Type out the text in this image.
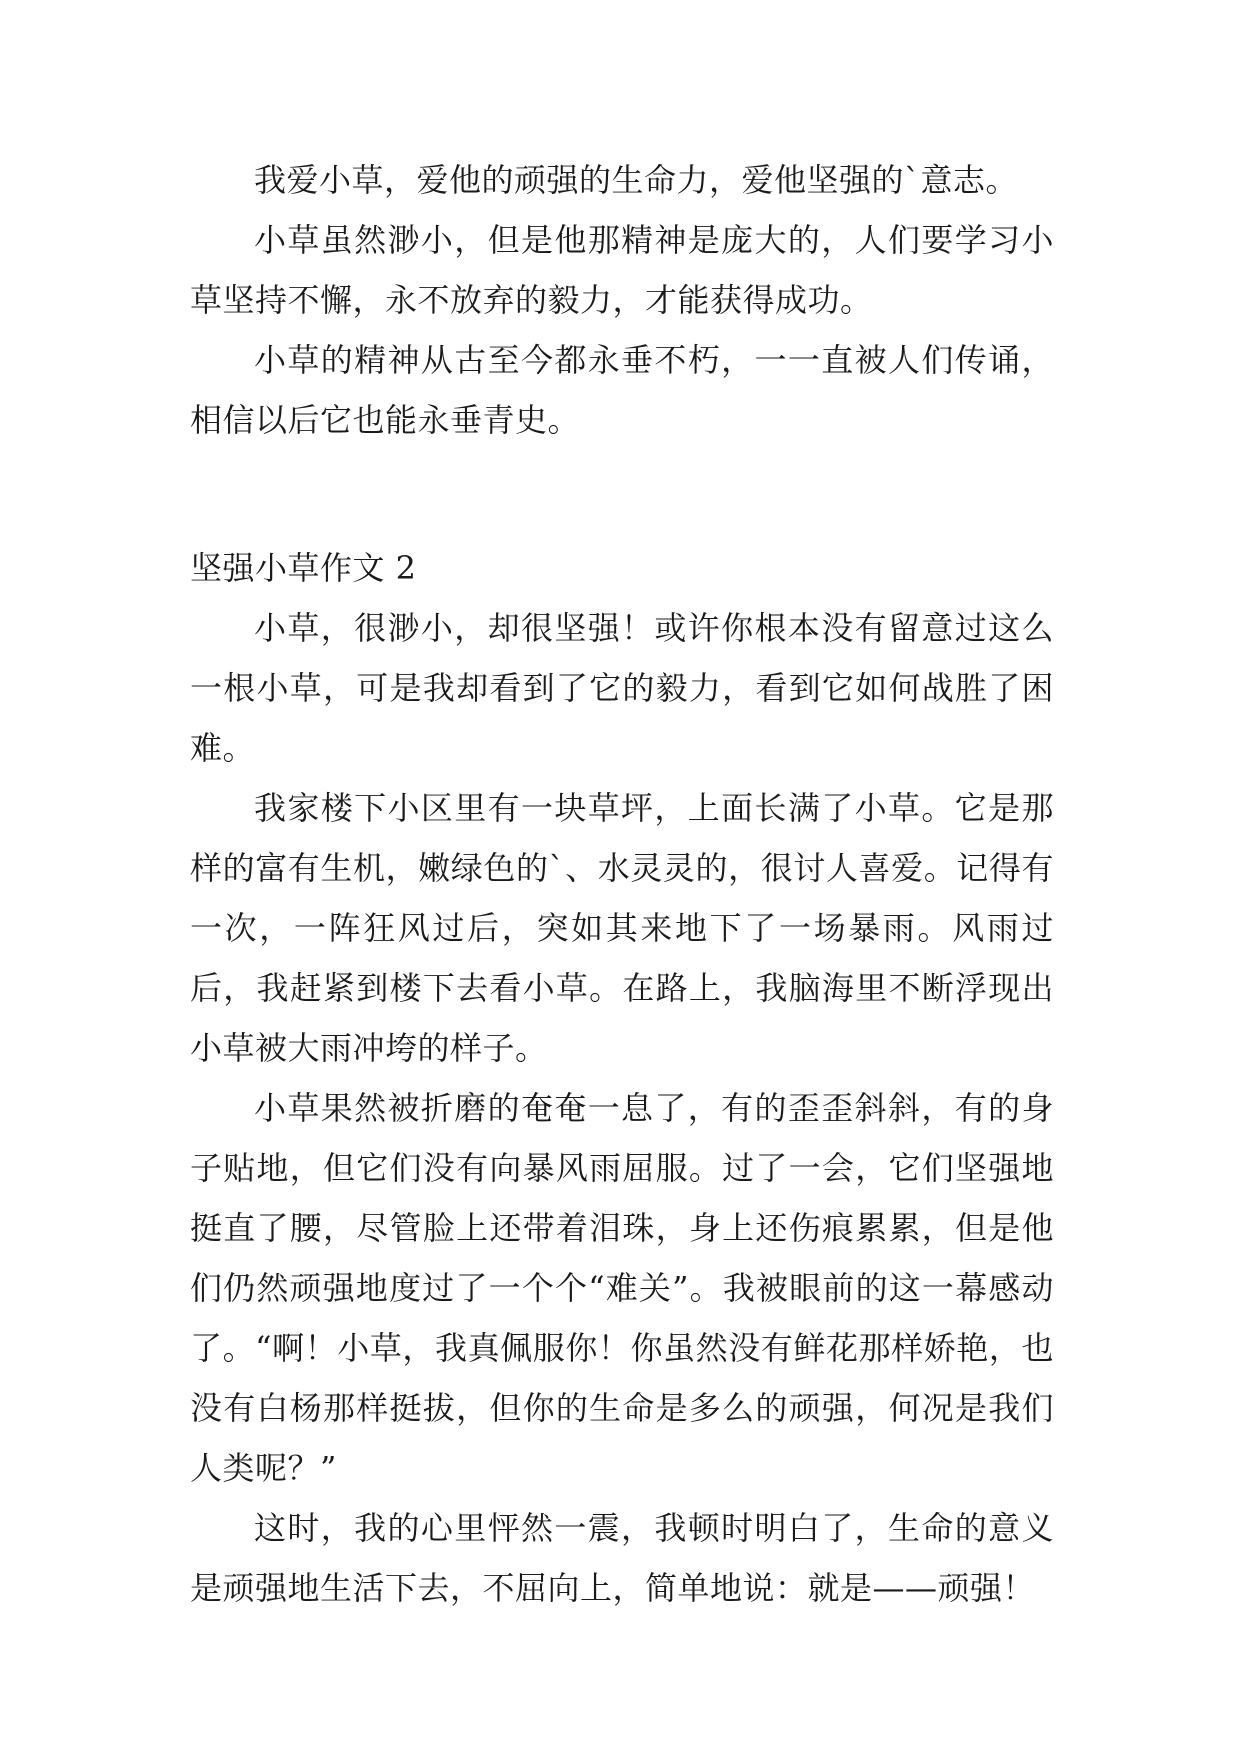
我爱小草，爱他的顽强的生命力，爱他坚强的`意志。

小草虽然渺小，但是他那精神是庞大的，人们要学习小草坚持不懈，永不放弃的毅力，才能获得成功。

小草的精神从古至今都永垂不朽，一一直被人们传诵，相信以后它也能永垂青史。

坚强小草作文 2

小草，很渺小，却很坚强！或许你根本没有留意过这么一根小草，可是我却看到了它的毅力，看到它如何战胜了困难。

我家楼下小区里有一块草坪，上面长满了小草。它是那样的富有生机，嫩绿色的`、水灵灵的，很讨人喜爱。记得有一次，一阵狂风过后，突如其来地下了一场暴雨。风雨过后，我赶紧到楼下去看小草。在路上，我脑海里不断浮现出小草被大雨冲垮的样子。

小草果然被折磨的奄奄一息了，有的歪歪斜斜，有的身子贴地，但它们没有向暴风雨屈服。过了一会，它们坚强地挺直了腰，尽管脸上还带着泪珠，身上还伤痕累累，但是他们仍然顽强地度过了一个个“难关”。我被眼前的这一幕感动了。“啊！小草，我真佩服你！你虽然没有鲜花那样娇艳，也没有白杨那样挺拔，但你的生命是多么的顽强，何况是我们人类呢？”

这时，我的心里怦然一震，我顿时明白了，生命的意义是顽强地生活下去，不屈向上，简单地说：就是——顽强！
